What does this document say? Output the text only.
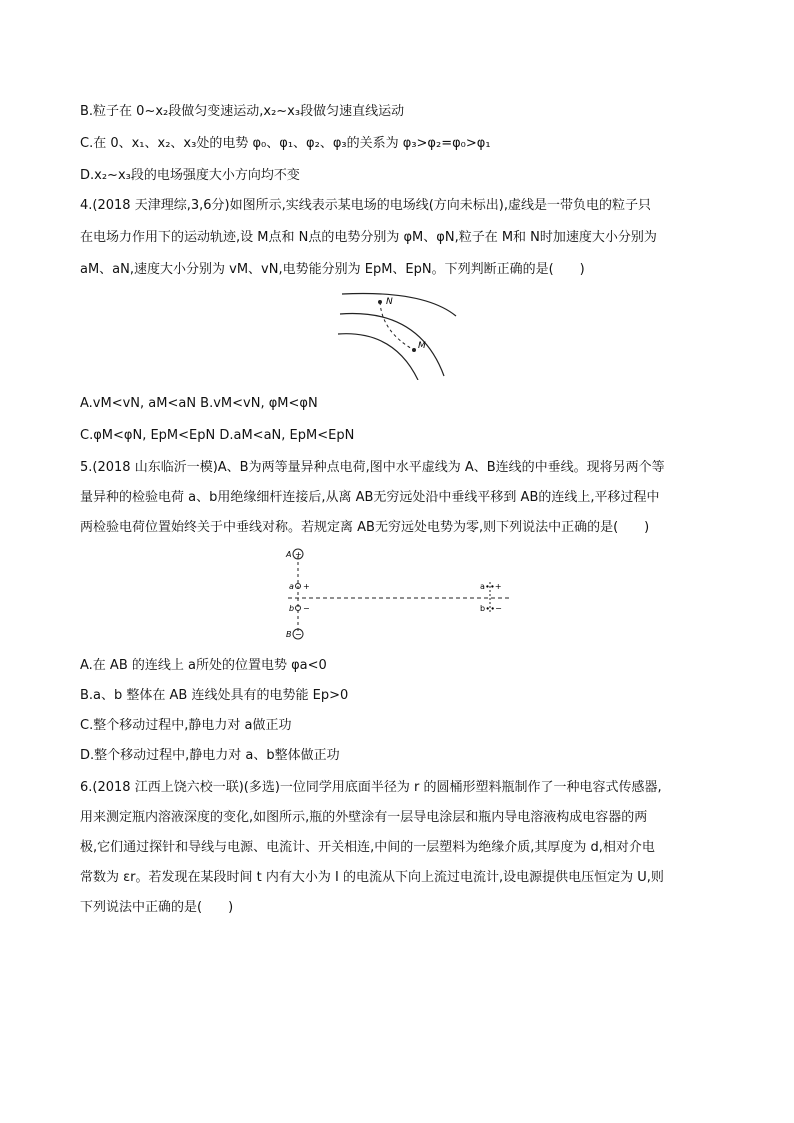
B.粒子在 0~x₂段做匀变速运动,x₂~x₃段做匀速直线运动
C.在 0、x₁、x₂、x₃处的电势 φ₀、φ₁、φ₂、φ₃的关系为 φ₃>φ₂=φ₀>φ₁
D.x₂~x₃段的电场强度大小方向均不变
4.(2018 天津理综,3,6分)如图所示,实线表示某电场的电场线(方向未标出),虚线是一带负电的粒子只
在电场力作用下的运动轨迹,设 M点和 N点的电势分别为 φM、φN,粒子在 M和 N时加速度大小分别为
aM、aN,速度大小分别为 vM、vN,电势能分别为 EpM、EpN。下列判断正确的是(　　)
N
M
A.vM<vN, aM<aN B.vM<vN, φM<φN
C.φM<φN, EpM<EpN D.aM<aN, EpM<EpN
5.(2018 山东临沂一模)A、B为两等量异种点电荷,图中水平虚线为 A、B连线的中垂线。现将另两个等
量异种的检验电荷 a、b用绝缘细杆连接后,从离 AB无穷远处沿中垂线平移到 AB的连线上,平移过程中
两检验电荷位置始终关于中垂线对称。若规定离 AB无穷远处电势为零,则下列说法中正确的是(　　)
+
A
−
B
a +
b −
a∙∙+
b∙∙−
A.在 AB 的连线上 a所处的位置电势 φa<0
B.a、b 整体在 AB 连线处具有的电势能 Ep>0
C.整个移动过程中,静电力对 a做正功
D.整个移动过程中,静电力对 a、b整体做正功
6.(2018 江西上饶六校一联)(多选)一位同学用底面半径为 r 的圆桶形塑料瓶制作了一种电容式传感器,
用来测定瓶内溶液深度的变化,如图所示,瓶的外壁涂有一层导电涂层和瓶内导电溶液构成电容器的两
极,它们通过探针和导线与电源、电流计、开关相连,中间的一层塑料为绝缘介质,其厚度为 d,相对介电
常数为 εr。若发现在某段时间 t 内有大小为 I 的电流从下向上流过电流计,设电源提供电压恒定为 U,则
下列说法中正确的是(　　)
